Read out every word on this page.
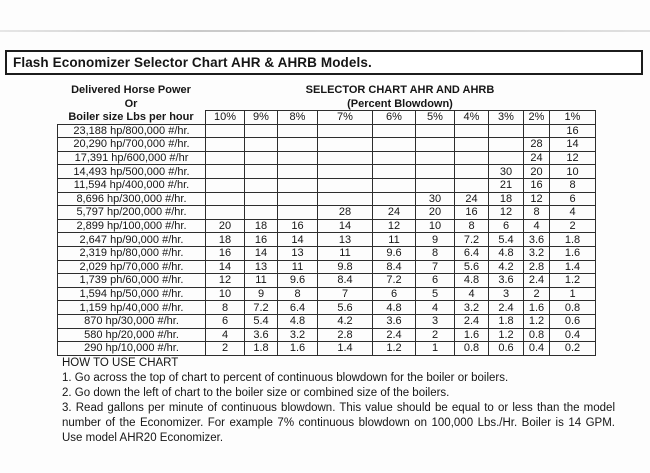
Flash Economizer Selector Chart AHR & AHRB Models.
Delivered Horse Power
Or
Boiler size Lbs per hour
SELECTOR CHART AHR AND AHRB
(Percent Blowdown)
	10%	9%	8%	7%	6%	5%	4%	3%	2%	1%
23,188 hp/800,000 #/hr.										16
20,290 hp/700,000 #/hr.									28	14
17,391 hp/600,000 #/hr									24	12
14,493 hp/500,000 #/hr.								30	20	10
11,594 hp/400,000 #/hr.								21	16	8
8,696 hp/300,000 #/hr.						30	24	18	12	6
5,797 hp/200,000 #/hr.				28	24	20	16	12	8	4
2,899 hp/100,000 #/hr.	20	18	16	14	12	10	8	6	4	2
2,647 hp/90,000 #/hr.	18	16	14	13	11	9	7.2	5.4	3.6	1.8
2,319 hp/80,000 #/hr.	16	14	13	11	9.6	8	6.4	4.8	3.2	1.6
2,029 hp/70,000 #/hr.	14	13	11	9.8	8.4	7	5.6	4.2	2.8	1.4
1,739 ph/60,000 #/hr.	12	11	9.6	8.4	7.2	6	4.8	3.6	2.4	1.2
1,594 hp/50,000 #/hr.	10	9	8	7	6	5	4	3	2	1
1,159 hp/40,000 #/hr.	8	7.2	6.4	5.6	4.8	4	3.2	2.4	1.6	0.8
870 hp/30,000 #/hr.	6	5.4	4.8	4.2	3.6	3	2.4	1.8	1.2	0.6
580 hp/20,000 #/hr.	4	3.6	3.2	2.8	2.4	2	1.6	1.2	0.8	0.4
290 hp/10,000 #/hr.	2	1.8	1.6	1.4	1.2	1	0.8	0.6	0.4	0.2
HOW TO USE CHART
1. Go across the top of chart to percent of continuous blowdown for the boiler or boilers.
2. Go down the left of chart to the boiler size or combined size of the boilers.
3. Read gallons per minute of continuous blowdown. This value should be equal to or less than the model number of the Economizer. For example 7% continuous blowdown on 100,000 Lbs./Hr. Boiler is 14 GPM. Use model AHR20 Economizer.
